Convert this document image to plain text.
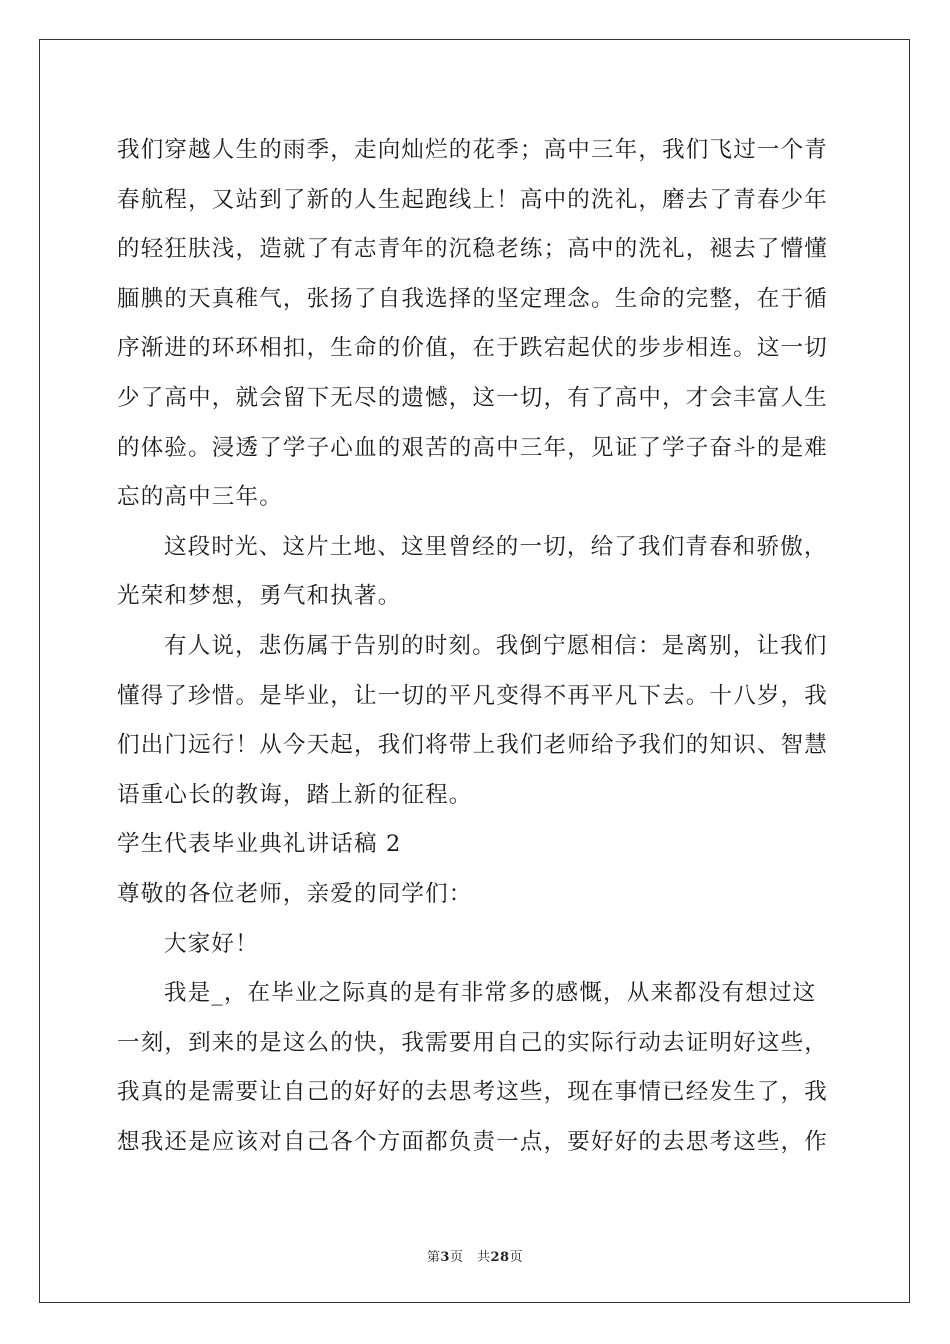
我们穿越人生的雨季，走向灿烂的花季；高中三年，我们飞过一个青
春航程，又站到了新的人生起跑线上！高中的洗礼，磨去了青春少年
的轻狂肤浅，造就了有志青年的沉稳老练；高中的洗礼，褪去了懵懂
腼腆的天真稚气，张扬了自我选择的坚定理念。生命的完整，在于循
序渐进的环环相扣，生命的价值，在于跌宕起伏的步步相连。这一切
少了高中，就会留下无尽的遗憾，这一切，有了高中，才会丰富人生
的体验。浸透了学子心血的艰苦的高中三年，见证了学子奋斗的是难
忘的高中三年。
这段时光、这片土地、这里曾经的一切，给了我们青春和骄傲，
光荣和梦想，勇气和执著。
有人说，悲伤属于告别的时刻。我倒宁愿相信：是离别，让我们
懂得了珍惜。是毕业，让一切的平凡变得不再平凡下去。十八岁，我
们出门远行！从今天起，我们将带上我们老师给予我们的知识、智慧
语重心长的教诲，踏上新的征程。
学生代表毕业典礼讲话稿 2
尊敬的各位老师，亲爱的同学们：
大家好！
我是_，在毕业之际真的是有非常多的感慨，从来都没有想过这
一刻，到来的是这么的快，我需要用自己的实际行动去证明好这些，
我真的是需要让自己的好好的去思考这些，现在事情已经发生了，我
想我还是应该对自己各个方面都负责一点，要好好的去思考这些，作
第3页　共28页
